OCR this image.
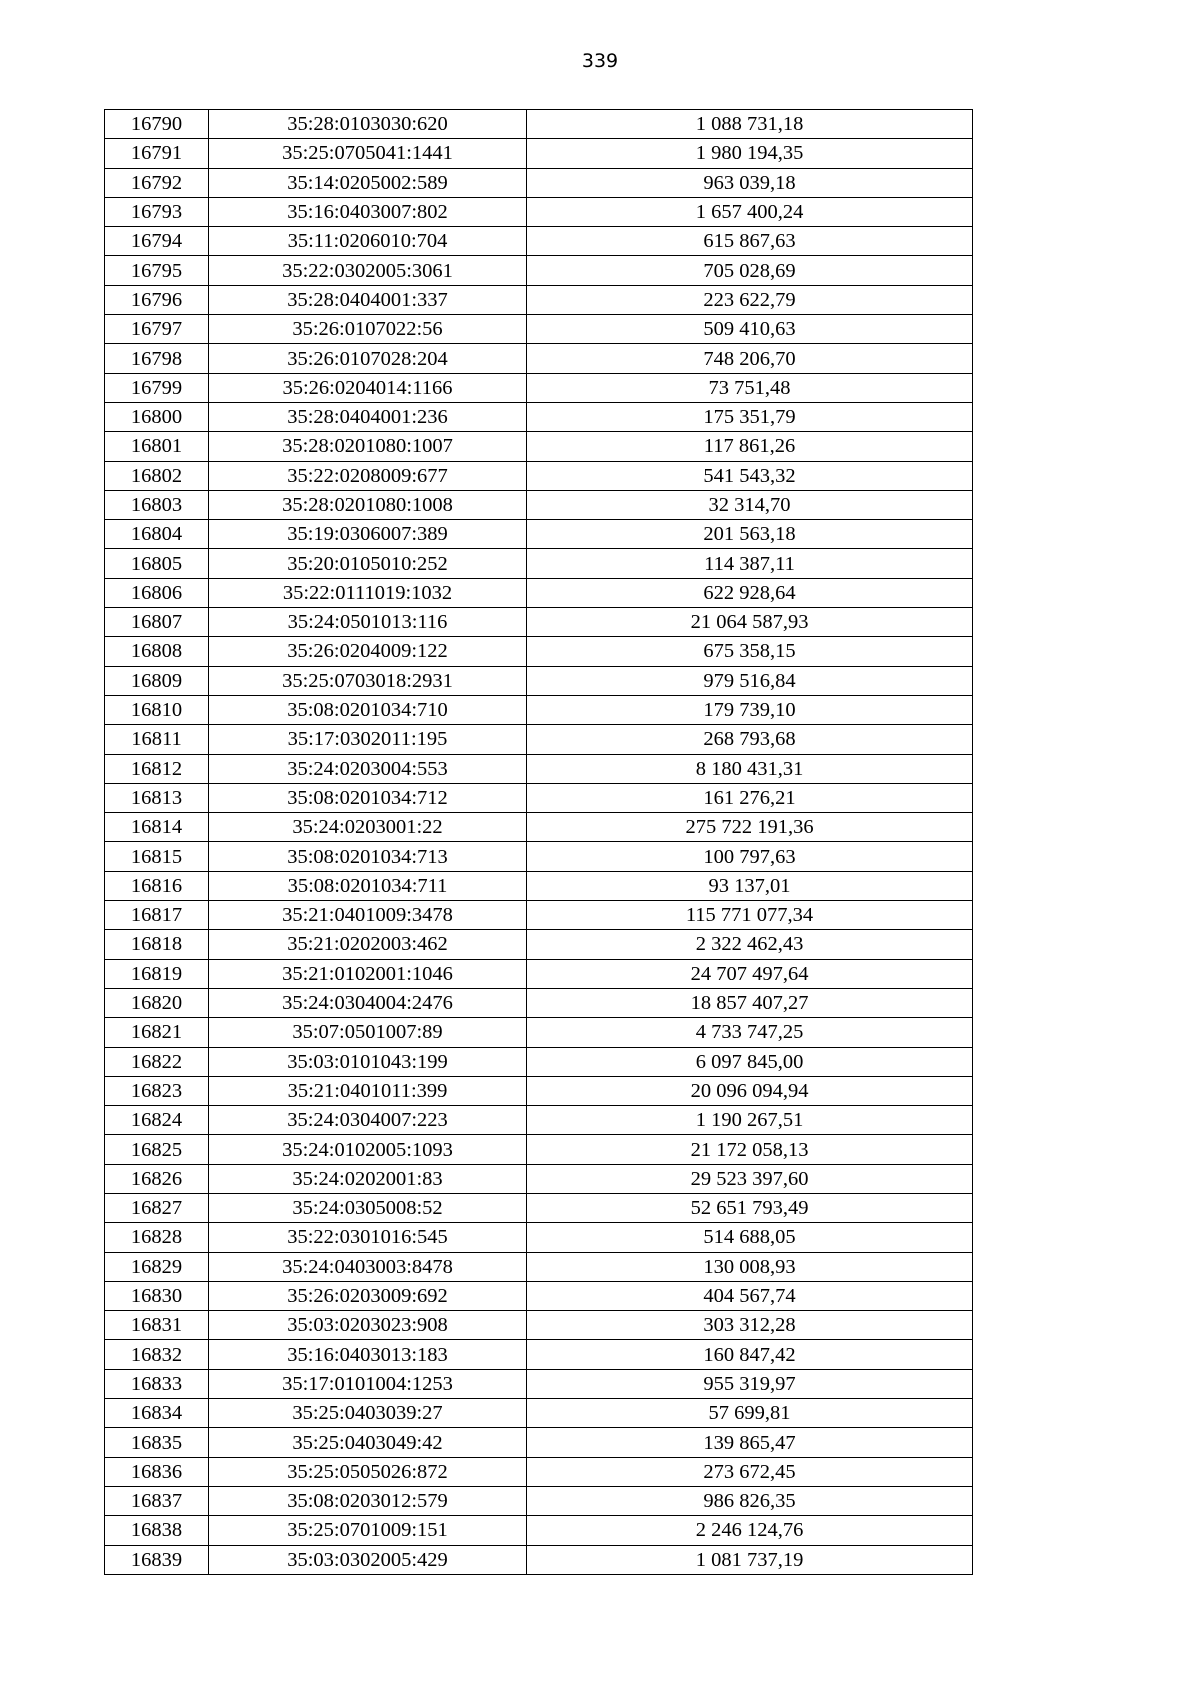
339
16790	35:28:0103030:620	1 088 731,18
16791	35:25:0705041:1441	1 980 194,35
16792	35:14:0205002:589	963 039,18
16793	35:16:0403007:802	1 657 400,24
16794	35:11:0206010:704	615 867,63
16795	35:22:0302005:3061	705 028,69
16796	35:28:0404001:337	223 622,79
16797	35:26:0107022:56	509 410,63
16798	35:26:0107028:204	748 206,70
16799	35:26:0204014:1166	73 751,48
16800	35:28:0404001:236	175 351,79
16801	35:28:0201080:1007	117 861,26
16802	35:22:0208009:677	541 543,32
16803	35:28:0201080:1008	32 314,70
16804	35:19:0306007:389	201 563,18
16805	35:20:0105010:252	114 387,11
16806	35:22:0111019:1032	622 928,64
16807	35:24:0501013:116	21 064 587,93
16808	35:26:0204009:122	675 358,15
16809	35:25:0703018:2931	979 516,84
16810	35:08:0201034:710	179 739,10
16811	35:17:0302011:195	268 793,68
16812	35:24:0203004:553	8 180 431,31
16813	35:08:0201034:712	161 276,21
16814	35:24:0203001:22	275 722 191,36
16815	35:08:0201034:713	100 797,63
16816	35:08:0201034:711	93 137,01
16817	35:21:0401009:3478	115 771 077,34
16818	35:21:0202003:462	2 322 462,43
16819	35:21:0102001:1046	24 707 497,64
16820	35:24:0304004:2476	18 857 407,27
16821	35:07:0501007:89	4 733 747,25
16822	35:03:0101043:199	6 097 845,00
16823	35:21:0401011:399	20 096 094,94
16824	35:24:0304007:223	1 190 267,51
16825	35:24:0102005:1093	21 172 058,13
16826	35:24:0202001:83	29 523 397,60
16827	35:24:0305008:52	52 651 793,49
16828	35:22:0301016:545	514 688,05
16829	35:24:0403003:8478	130 008,93
16830	35:26:0203009:692	404 567,74
16831	35:03:0203023:908	303 312,28
16832	35:16:0403013:183	160 847,42
16833	35:17:0101004:1253	955 319,97
16834	35:25:0403039:27	57 699,81
16835	35:25:0403049:42	139 865,47
16836	35:25:0505026:872	273 672,45
16837	35:08:0203012:579	986 826,35
16838	35:25:0701009:151	2 246 124,76
16839	35:03:0302005:429	1 081 737,19
